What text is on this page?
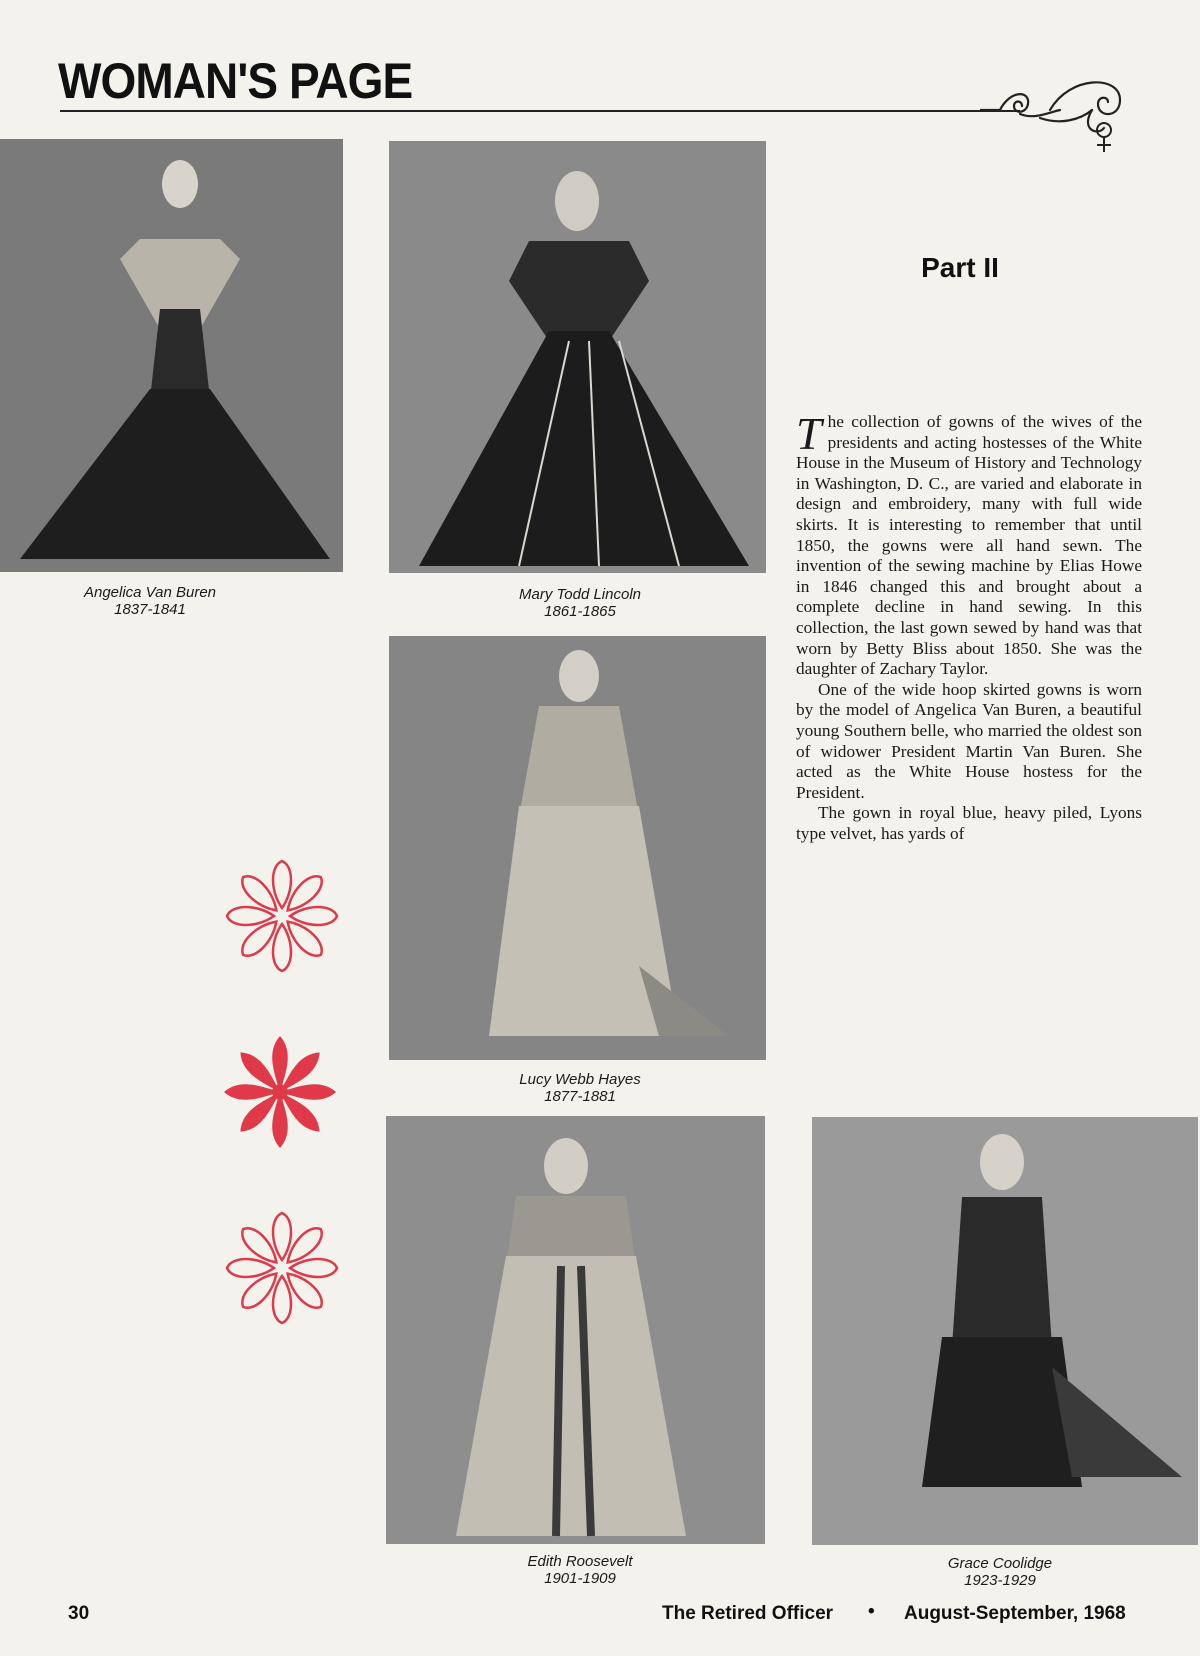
WOMAN'S PAGE
Angelica Van Buren
1837-1841
Mary Todd Lincoln
1861-1865
Lucy Webb Hayes
1877-1881
Edith Roosevelt
1901-1909
Grace Coolidge
1923-1929
Part II

The collection of gowns of the wives of the presidents and acting hostesses of the White House in the Museum of History and Technology in Washington, D. C., are varied and elaborate in design and embroidery, many with full wide skirts. It is interesting to remember that until 1850, the gowns were all hand sewn. The invention of the sewing machine by Elias Howe in 1846 changed this and brought about a complete decline in hand sewing. In this collection, the last gown sewed by hand was that worn by Betty Bliss about 1850. She was the daughter of Zachary Taylor.

One of the wide hoop skirted gowns is worn by the model of Angelica Van Buren, a beautiful young Southern belle, who married the oldest son of widower President Martin Van Buren. She acted as the White House hostess for the President.

The gown in royal blue, heavy piled, Lyons type velvet, has yards of

30	The Retired Officer • August-September, 1968
